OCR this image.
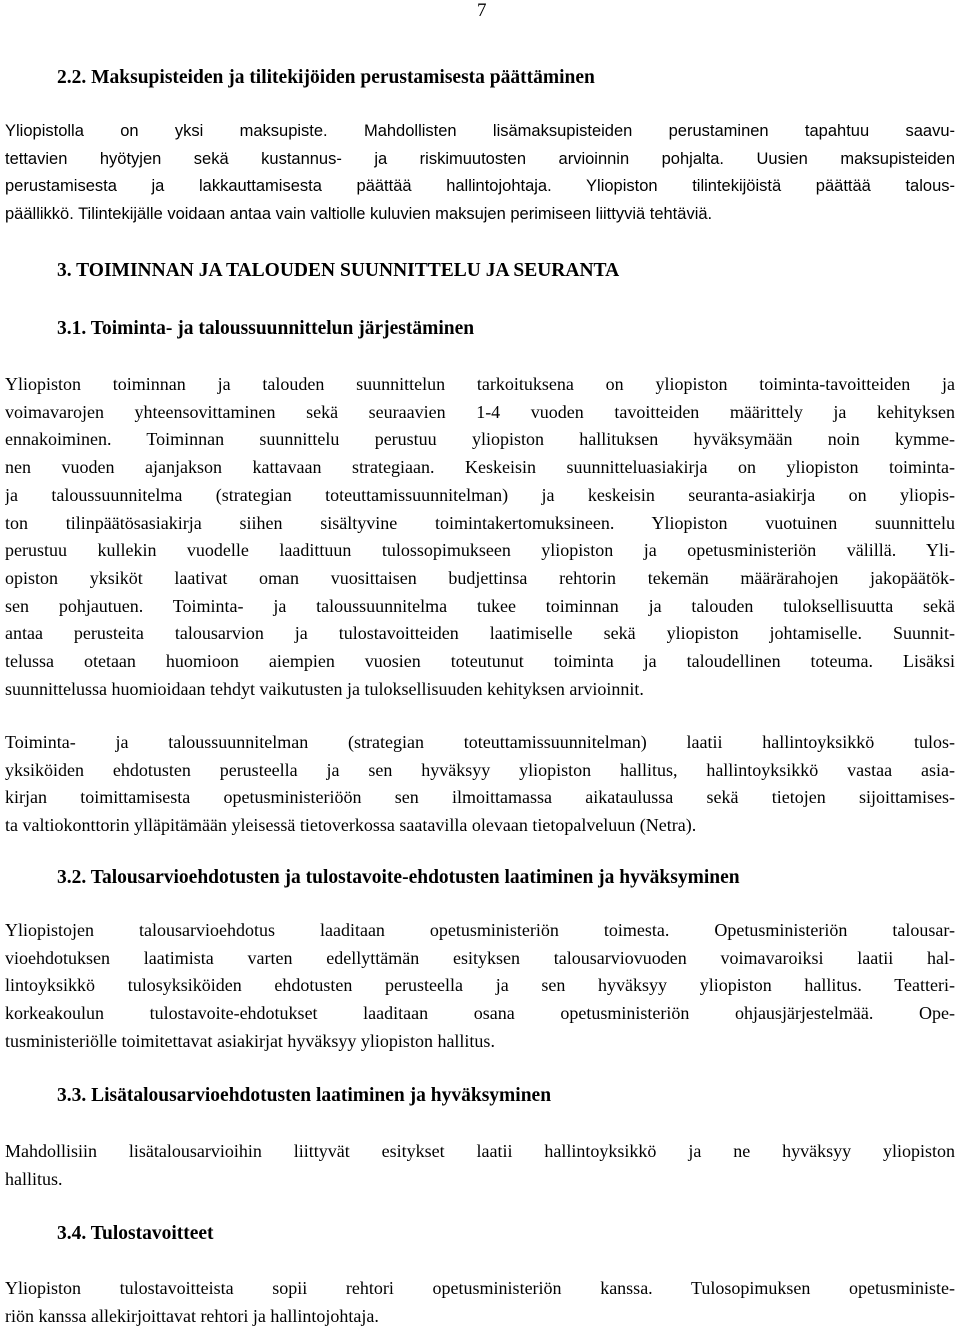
7
2.2. Maksupisteiden ja tilitekijöiden perustamisesta päättäminen
Yliopistolla on yksi maksupiste. Mahdollisten lisämaksupisteiden perustaminen tapahtuu saavu-
tettavien hyötyjen sekä kustannus- ja riskimuutosten arvioinnin pohjalta. Uusien maksupisteiden
perustamisesta ja lakkauttamisesta päättää hallintojohtaja. Yliopiston tilintekijöistä päättää talous-
päällikkö. Tilintekijälle voidaan antaa vain valtiolle kuluvien maksujen perimiseen liittyviä tehtäviä.
3. TOIMINNAN JA TALOUDEN SUUNNITTELU JA SEURANTA
3.1. Toiminta- ja taloussuunnittelun järjestäminen
Yliopiston toiminnan ja talouden suunnittelun tarkoituksena on yliopiston toiminta-tavoitteiden ja
voimavarojen yhteensovittaminen sekä seuraavien 1-4 vuoden tavoitteiden määrittely ja kehityksen
ennakoiminen. Toiminnan suunnittelu perustuu yliopiston hallituksen hyväksymään noin kymme-
nen vuoden ajanjakson kattavaan strategiaan. Keskeisin suunnitteluasiakirja on yliopiston toiminta-
ja taloussuunnitelma (strategian toteuttamissuunnitelman) ja keskeisin seuranta-asiakirja on yliopis-
ton tilinpäätösasiakirja siihen sisältyvine toimintakertomuksineen. Yliopiston vuotuinen suunnittelu
perustuu kullekin vuodelle laadittuun tulossopimukseen yliopiston ja opetusministeriön välillä. Yli-
opiston yksiköt laativat oman vuosittaisen budjettinsa rehtorin tekemän määrärahojen jakopäätök-
sen pohjautuen. Toiminta- ja taloussuunnitelma tukee toiminnan ja talouden tuloksellisuutta sekä
antaa perusteita talousarvion ja tulostavoitteiden laatimiselle sekä yliopiston johtamiselle. Suunnit-
telussa otetaan huomioon aiempien vuosien toteutunut toiminta ja taloudellinen toteuma. Lisäksi
suunnittelussa huomioidaan tehdyt vaikutusten ja tuloksellisuuden kehityksen arvioinnit.
Toiminta- ja taloussuunnitelman (strategian toteuttamissuunnitelman) laatii hallintoyksikkö tulos-
yksiköiden ehdotusten perusteella ja sen hyväksyy yliopiston hallitus, hallintoyksikkö vastaa asia-
kirjan toimittamisesta opetusministeriöön sen ilmoittamassa aikataulussa sekä tietojen sijoittamises-
ta valtiokonttorin ylläpitämään yleisessä tietoverkossa saatavilla olevaan tietopalveluun (Netra).
3.2. Talousarvioehdotusten ja tulostavoite-ehdotusten laatiminen ja hyväksyminen
Yliopistojen talousarvioehdotus laaditaan opetusministeriön toimesta. Opetusministeriön talousar-
vioehdotuksen laatimista varten edellyttämän esityksen talousarviovuoden voimavaroiksi laatii hal-
lintoyksikkö tulosyksiköiden ehdotusten perusteella ja sen hyväksyy yliopiston hallitus. Teatteri-
korkeakoulun tulostavoite-ehdotukset laaditaan osana opetusministeriön ohjausjärjestelmää. Ope-
tusministeriölle toimitettavat asiakirjat hyväksyy yliopiston hallitus.
3.3. Lisätalousarvioehdotusten laatiminen ja hyväksyminen
Mahdollisiin lisätalousarvioihin liittyvät esitykset laatii hallintoyksikkö ja ne hyväksyy yliopiston
hallitus.
3.4. Tulostavoitteet
Yliopiston tulostavoitteista sopii rehtori opetusministeriön kanssa. Tulosopimuksen opetusministe-
riön kanssa allekirjoittavat rehtori ja hallintojohtaja.
